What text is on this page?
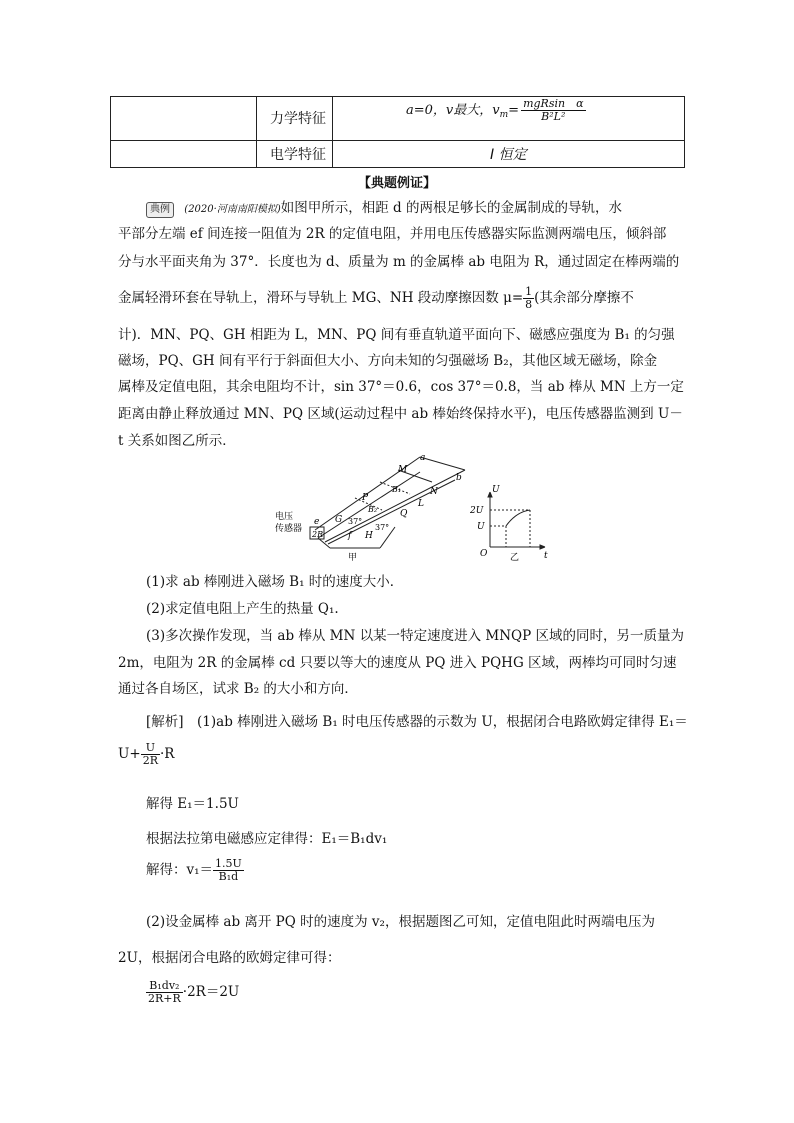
力学特征
电学特征
a=0，v最大，$v_m= \frac{\text{mgRsin　α}}{\text{B²L²}}$
I 恒定
【典题例证】
典例 (2020·河南南阳模拟)如图甲所示，相距 d 的两根足够长的金属制成的导轨，水
平部分左端 ef 间连接一阻值为 2R 的定值电阻，并用电压传感器实际监测两端电压，倾斜部
分与水平面夹角为 37°．长度也为 d、质量为 m 的金属棒 ab 电阻为 R，通过固定在棒两端的
金属轻滑环套在导轨上，滑环与导轨上 MG、NH 段动摩擦因数 $\mu= \frac{1}{8}$ (其余部分摩擦不
计)．MN、PQ、GH 相距为 L，MN、PQ 间有垂直轨道平面向下、磁感应强度为 B₁ 的匀强
磁场，PQ、GH 间有平行于斜面但大小、方向未知的匀强磁场 B₂，其他区域无磁场，除金
属棒及定值电阻，其余电阻均不计，sin 37°＝0.6，cos 37°＝0.8，当 ab 棒从 MN 上方一定
距离由静止释放通过 MN、PQ 区域(运动过程中 ab 棒始终保持水平)，电压传感器监测到 U－
t 关系如图乙所示．
电压
传感器
a
b
M
N
L
P
Q
G
H
e
f
2R
B₁
B₂
37°
37°
甲
U
t
O
2U
U
乙
(1)求 ab 棒刚进入磁场 B₁ 时的速度大小．
(2)求定值电阻上产生的热量 Q₁.
(3)多次操作发现，当 ab 棒从 MN 以某一特定速度进入 MNQP 区域的同时，另一质量为
2m，电阻为 2R 的金属棒 cd 只要以等大的速度从 PQ 进入 PQHG 区域，两棒均可同时匀速
通过各自场区，试求 B₂ 的大小和方向．
[解析]　(1)ab 棒刚进入磁场 B₁ 时电压传感器的示数为 U，根据闭合电路欧姆定律得 E₁＝
$U+ \frac{U}{2R} \cdot R$
解得 E₁＝1.5U
根据法拉第电磁感应定律得：E₁＝B₁dv₁
解得：$v_1= \frac{1.5U}{\text{B₁d}}$
(2)设金属棒 ab 离开 PQ 时的速度为 v₂，根据题图乙可知，定值电阻此时两端电压为
2U，根据闭合电路的欧姆定律可得：
$\frac{\text{B₁dv₂}}{2R+R} \cdot 2R=2U$
